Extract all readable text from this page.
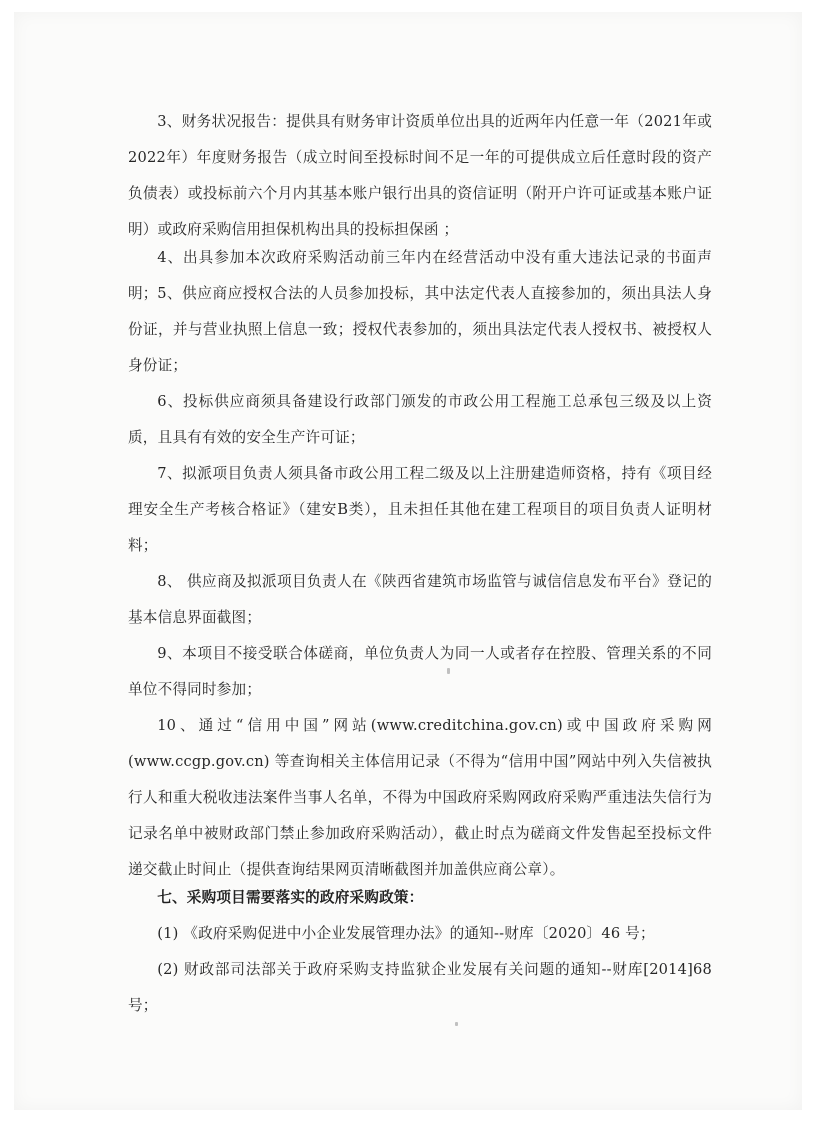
3、财务状况报告：提供具有财务审计资质单位出具的近两年内任意一年（2021年或2022年）年度财务报告（成立时间至投标时间不足一年的可提供成立后任意时段的资产负债表）或投标前六个月内其基本账户银行出具的资信证明（附开户许可证或基本账户证明）或政府采购信用担保机构出具的投标担保函 ；

4、出具参加本次政府采购活动前三年内在经营活动中没有重大违法记录的书面声明； 5、供应商应授权合法的人员参加投标，其中法定代表人直接参加的，须出具法人身份证，并与营业执照上信息一致；授权代表参加的，须出具法定代表人授权书、被授权人身份证；

6、投标供应商须具备建设行政部门颁发的市政公用工程施工总承包三级及以上资质，且具有有效的安全生产许可证；

7、拟派项目负责人须具备市政公用工程二级及以上注册建造师资格，持有《项目经理安全生产考核合格证》（建安B类），且未担任其他在建工程项目的项目负责人证明材料；

8、 供应商及拟派项目负责人在《陕西省建筑市场监管与诚信信息发布平台》登记的基本信息界面截图；

9、本项目不接受联合体磋商，单位负责人为同一人或者存在控股、管理关系的不同单位不得同时参加；

10、通过“信用中国”网站(www.creditchina.gov.cn)或中国政府采购网(www.ccgp.gov.cn) 等查询相关主体信用记录（不得为“信用中国”网站中列入失信被执行人和重大税收违法案件当事人名单，不得为中国政府采购网政府采购严重违法失信行为记录名单中被财政部门禁止参加政府采购活动），截止时点为磋商文件发售起至投标文件递交截止时间止（提供查询结果网页清晰截图并加盖供应商公章）。

七、采购项目需要落实的政府采购政策：

(1) 《政府采购促进中小企业发展管理办法》的通知--财库〔2020〕46 号；

(2) 财政部司法部关于政府采购支持监狱企业发展有关问题的通知--财库[2014]68号；
